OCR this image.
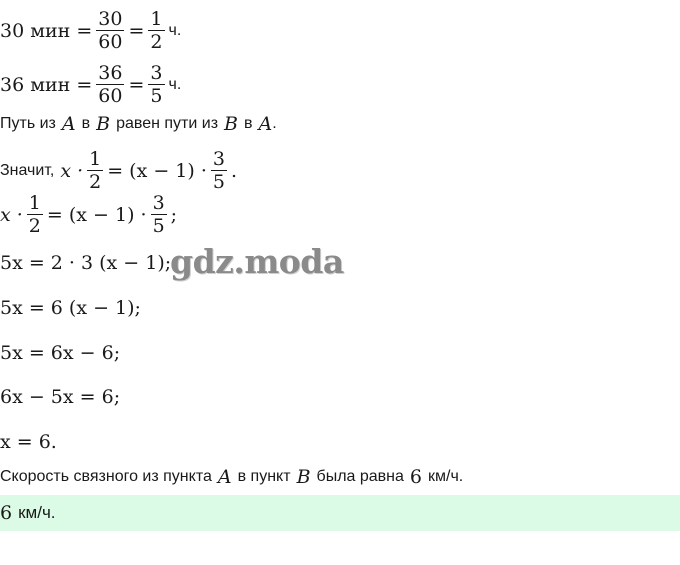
gdz.moda
30 мин = $\frac{30}{60} = \frac{1}{2} ч$.
36 мин = $\frac{36}{60} = \frac{3}{5} ч$.
Путь из A в B равен пути из B в A .
Значит, $x \cdot \frac{1}{2} = (x - 1) \cdot \frac{3}{5}$ .
$x \cdot \frac{1}{2} = (x - 1) \cdot \frac{3}{5}$ ;
5x = 2 · 3 (x − 1);
5x = 6 (x − 1);
5x = 6x − 6;
6x − 5x = 6;
x = 6.
Скорость связного из пункта A в пункт B была равна 6 км/ч.
6 км/ч.
